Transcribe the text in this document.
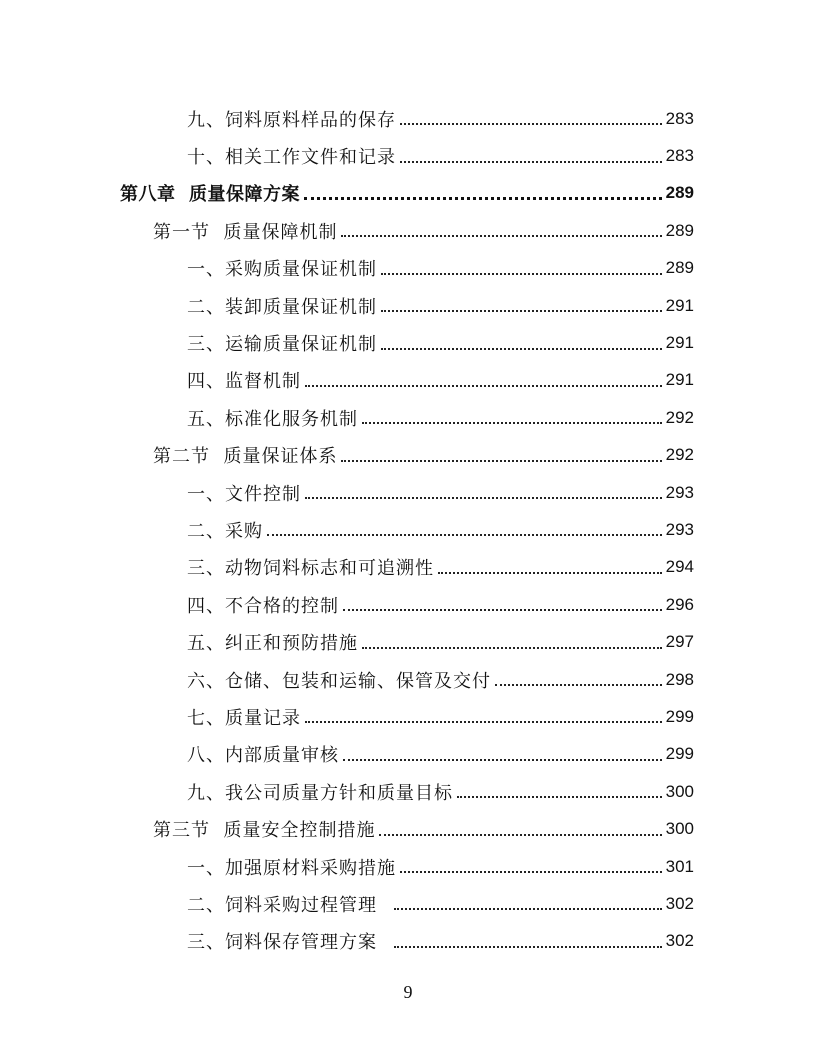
九、饲料原料样品的保存	283
十、相关工作文件和记录	283
第八章  质量保障方案	289
第一节  质量保障机制	289
一、采购质量保证机制	289
二、装卸质量保证机制	291
三、运输质量保证机制	291
四、监督机制	291
五、标准化服务机制	292
第二节  质量保证体系	292
一、文件控制	293
二、采购	293
三、动物饲料标志和可追溯性	294
四、不合格的控制	296
五、纠正和预防措施	297
六、仓储、包装和运输、保管及交付	298
七、质量记录	299
八、内部质量审核	299
九、我公司质量方针和质量目标	300
第三节  质量安全控制措施	300
一、加强原材料采购措施	301
二、饲料采购过程管理	302
三、饲料保存管理方案	302
9
